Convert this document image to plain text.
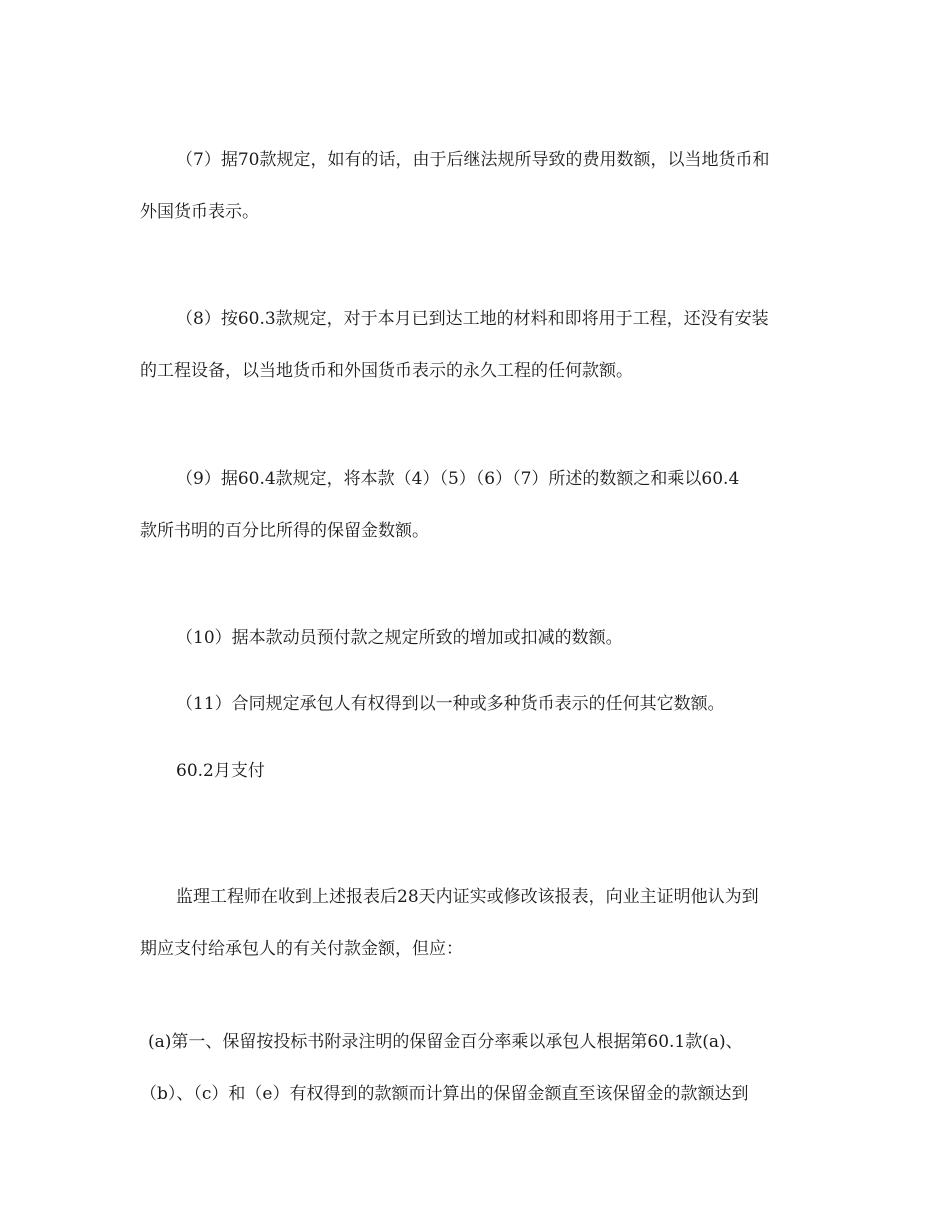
（7）据70款规定，如有的话，由于后继法规所导致的费用数额，以当地货币和
外国货币表示。

（8）按60.3款规定，对于本月已到达工地的材料和即将用于工程，还没有安装
的工程设备，以当地货币和外国货币表示的永久工程的任何款额。

（9）据60.4款规定，将本款（4）（5）（6）（7）所述的数额之和乘以60.4
款所书明的百分比所得的保留金数额。

（10）据本款动员预付款之规定所致的增加或扣减的数额。

（11）合同规定承包人有权得到以一种或多种货币表示的任何其它数额。

60.2月支付

监理工程师在收到上述报表后28天内证实或修改该报表，向业主证明他认为到
期应支付给承包人的有关付款金额，但应：

(a)第一、保留按投标书附录注明的保留金百分率乘以承包人根据第60.1款(a)、
（b）、（c）和（e）有权得到的款额而计算出的保留金额直至该保留金的款额达到
